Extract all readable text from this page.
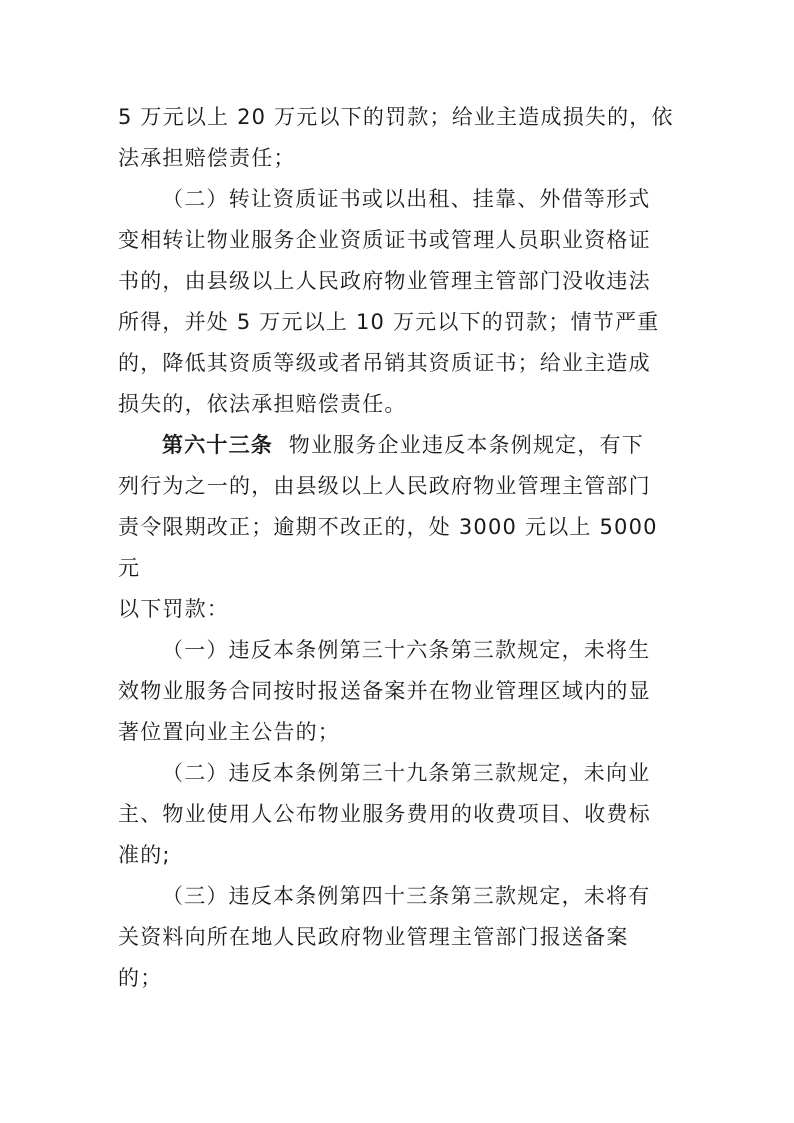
5 万元以上 20 万元以下的罚款；给业主造成损失的，依
法承担赔偿责任；

（二）转让资质证书或以出租、挂靠、外借等形式
变相转让物业服务企业资质证书或管理人员职业资格证
书的，由县级以上人民政府物业管理主管部门没收违法
所得，并处 5 万元以上 10 万元以下的罚款；情节严重
的，降低其资质等级或者吊销其资质证书；给业主造成
损失的，依法承担赔偿责任。

第六十三条  物业服务企业违反本条例规定，有下
列行为之一的，由县级以上人民政府物业管理主管部门
责令限期改正；逾期不改正的，处 3000 元以上 5000 元
以下罚款：

（一）违反本条例第三十六条第三款规定，未将生
效物业服务合同按时报送备案并在物业管理区域内的显
著位置向业主公告的；

（二）违反本条例第三十九条第三款规定，未向业
主、物业使用人公布物业服务费用的收费项目、收费标
准的;

（三）违反本条例第四十三条第三款规定，未将有
关资料向所在地人民政府物业管理主管部门报送备案
的；
